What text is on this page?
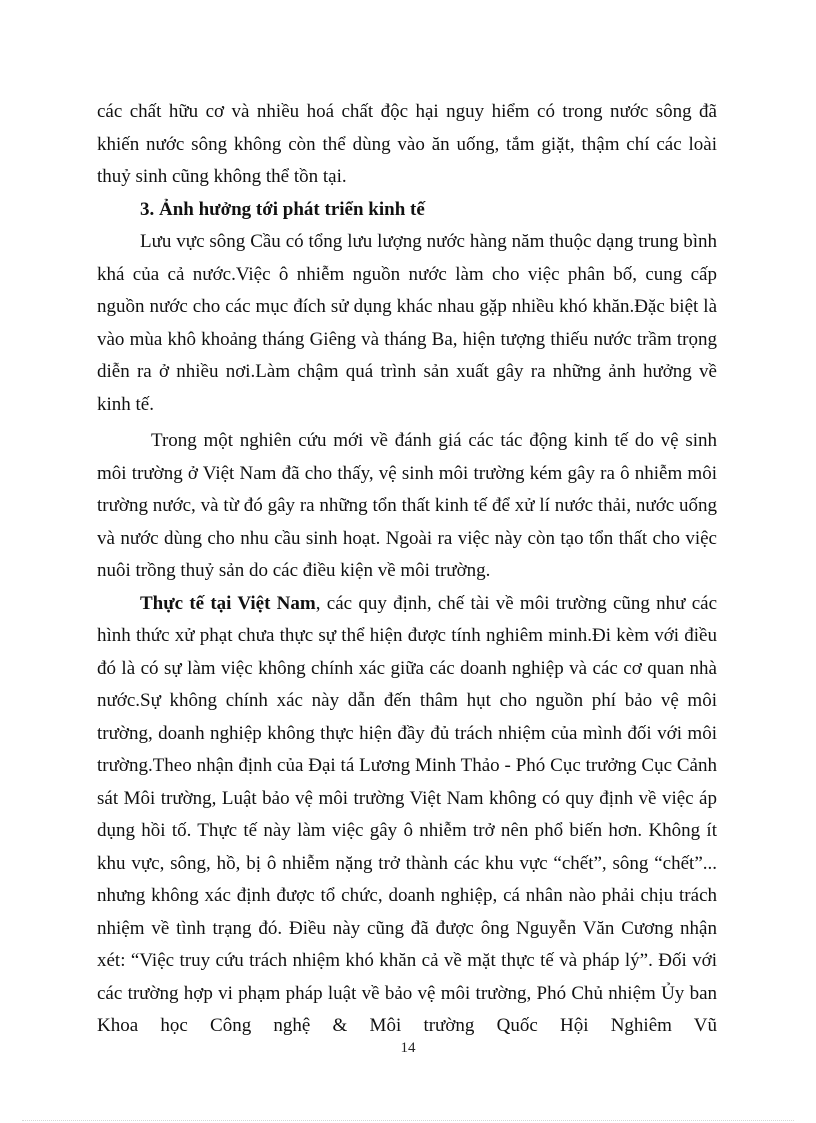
các chất hữu cơ và nhiều hoá chất độc hại nguy hiểm có trong nước sông đã khiến nước sông không còn thể dùng vào ăn uống, tắm giặt, thậm chí các loài thuỷ sinh cũng không thể tồn tại.

3. Ảnh hưởng tới phát triển kinh tế

Lưu vực sông Cầu có tổng lưu lượng nước hàng năm thuộc dạng trung bình khá của cả nước.Việc ô nhiễm nguồn nước làm cho việc phân bố, cung cấp nguồn nước cho các mục đích sử dụng khác nhau gặp nhiều khó khăn.Đặc biệt là vào mùa khô khoảng tháng Giêng và tháng Ba, hiện tượng thiếu nước trầm trọng diễn ra ở nhiều nơi.Làm chậm quá trình sản xuất gây ra những ảnh hưởng về kinh tế.

Trong một nghiên cứu mới về đánh giá các tác động kinh tế do vệ sinh môi trường ở Việt Nam đã cho thấy, vệ sinh môi trường kém gây ra ô nhiễm môi trường nước, và từ đó gây ra những tổn thất kinh tế để xử lí nước thải, nước uống và nước dùng cho nhu cầu sinh hoạt. Ngoài ra việc này còn tạo tổn thất cho việc nuôi trồng thuỷ sản do các điều kiện về môi trường.

Thực tế tại Việt Nam, các quy định, chế tài về môi trường cũng như các hình thức xử phạt chưa thực sự thể hiện được tính nghiêm minh.Đi kèm với điều đó là có sự làm việc không chính xác giữa các doanh nghiệp và các cơ quan nhà nước.Sự không chính xác này dẫn đến thâm hụt cho nguồn phí bảo vệ môi trường, doanh nghiệp không thực hiện đầy đủ trách nhiệm của mình đối với môi trường.Theo nhận định của Đại tá Lương Minh Thảo - Phó Cục trưởng Cục Cảnh sát Môi trường, Luật bảo vệ môi trường Việt Nam không có quy định về việc áp dụng hồi tố. Thực tế này làm việc gây ô nhiễm trở nên phổ biến hơn. Không ít khu vực, sông, hồ, bị ô nhiễm nặng trở thành các khu vực “chết”, sông “chết”... nhưng không xác định được tổ chức, doanh nghiệp, cá nhân nào phải chịu trách nhiệm về tình trạng đó. Điều này cũng đã được ông Nguyễn Văn Cương nhận xét: “Việc truy cứu trách nhiệm khó khăn cả về mặt thực tế và pháp lý”. Đối với các trường hợp vi phạm pháp luật về bảo vệ môi trường, Phó Chủ nhiệm Ủy ban Khoa học Công nghệ & Môi trường Quốc Hội Nghiêm Vũ

14
